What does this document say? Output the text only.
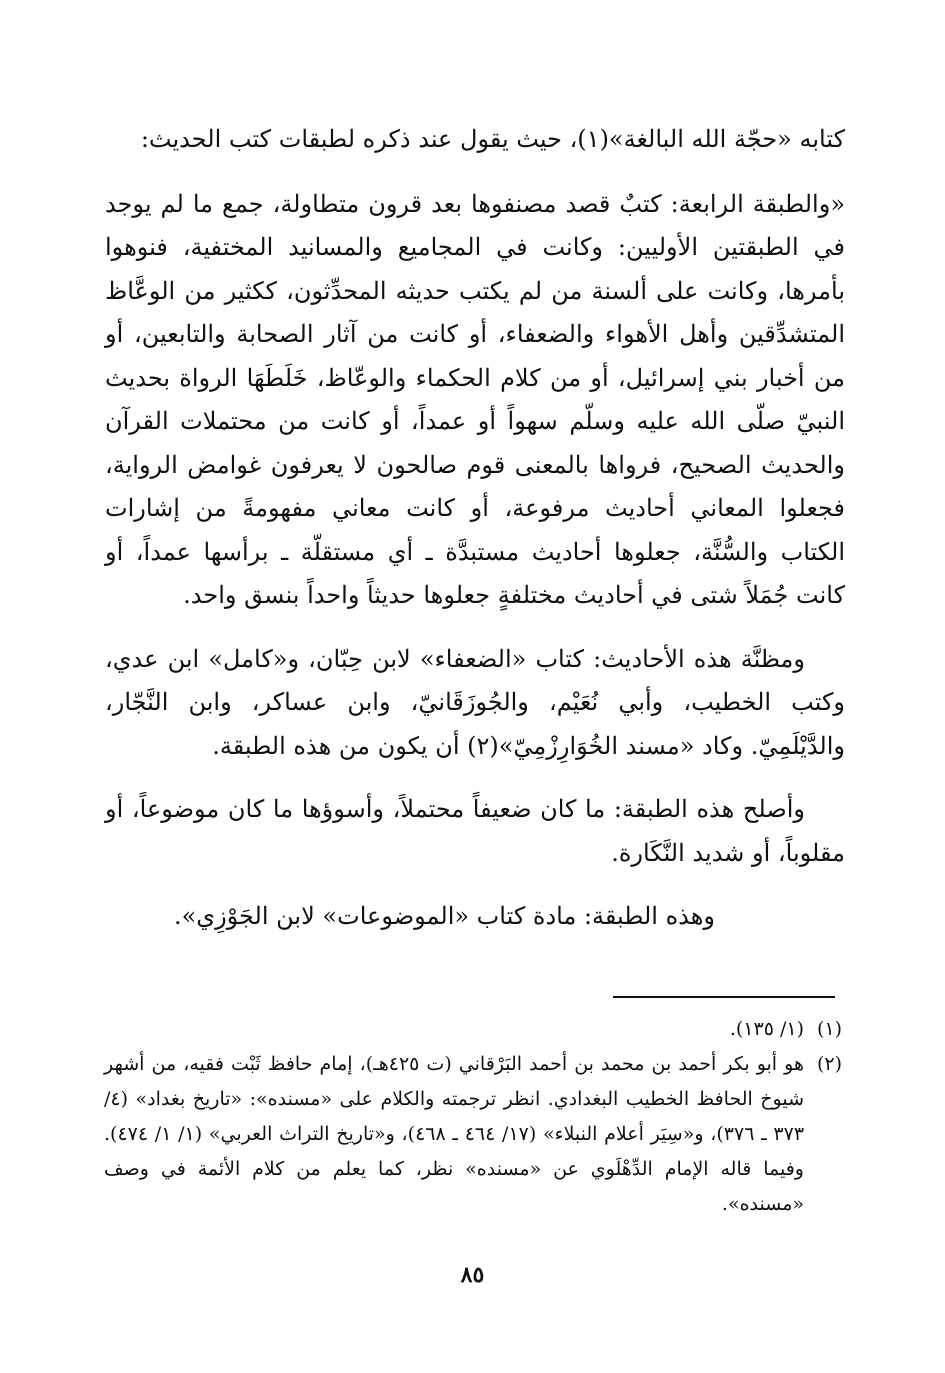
كتابه «حجّة الله البالغة»(١)، حيث يقول عند ذكره لطبقات كتب الحديث:

«والطبقة الرابعة: كتبٌ قصد مصنفوها بعد قرون متطاولة، جمع ما لم يوجد في الطبقتين الأوليين: وكانت في المجاميع والمسانيد المختفية، فنوهوا بأمرها، وكانت على ألسنة من لم يكتب حديثه المحدِّثون، ككثير من الوعَّاظ المتشدِّقين وأهل الأهواء والضعفاء، أو كانت من آثار الصحابة والتابعين، أو من أخبار بني إسرائيل، أو من كلام الحكماء والوعّاظ، خَلَطَهَا الرواة بحديث النبيّ صلّى الله عليه وسلّم سهواً أو عمداً، أو كانت من محتملات القرآن والحديث الصحيح، فرواها بالمعنى قوم صالحون لا يعرفون غوامض الرواية، فجعلوا المعاني أحاديث مرفوعة، أو كانت معاني مفهومةً من إشارات الكتاب والسُّنَّة، جعلوها أحاديث مستبدَّة ـ أي مستقلّة ـ برأسها عمداً، أو كانت جُمَلاً شتى في أحاديث مختلفةٍ جعلوها حديثاً واحداً بنسق واحد.

ومظنَّة هذه الأحاديث: كتاب «الضعفاء» لابن حِبّان، و«كامل» ابن عدي، وكتب الخطيب، وأبي نُعَيْم، والجُوزَقَانيّ، وابن عساكر، وابن النَّجّار، والدَّيْلَمِيّ. وكاد «مسند الخُوَارِزْمِيّ»(٢) أن يكون من هذه الطبقة.

وأصلح هذه الطبقة: ما كان ضعيفاً محتملاً، وأسوؤها ما كان موضوعاً، أو مقلوباً، أو شديد النَّكَارة.

وهذه الطبقة: مادة كتاب «الموضوعات» لابن الجَوْزِي».

(١)
(١/ ١٣٥).
(٢)
هو أبو بكر أحمد بن محمد بن أحمد البَرْقاني (ت ٤٢٥هـ)، إمام حافظ ثَبْت فقيه، من أشهر شيوخ الحافظ الخطيب البغدادي. انظر ترجمته والكلام على «مسنده»: «تاريخ بغداد» (٤/ ٣٧٣ ـ ٣٧٦)، و«سِيَر أعلام النبلاء» (١٧/ ٤٦٤ ـ ٤٦٨)، و«تاريخ التراث العربي» (١/ ١/ ٤٧٤). وفيما قاله الإمام الدِّهْلَوي عن «مسنده» نظر، كما يعلم من كلام الأئمة في وصف «مسنده».
٨٥
